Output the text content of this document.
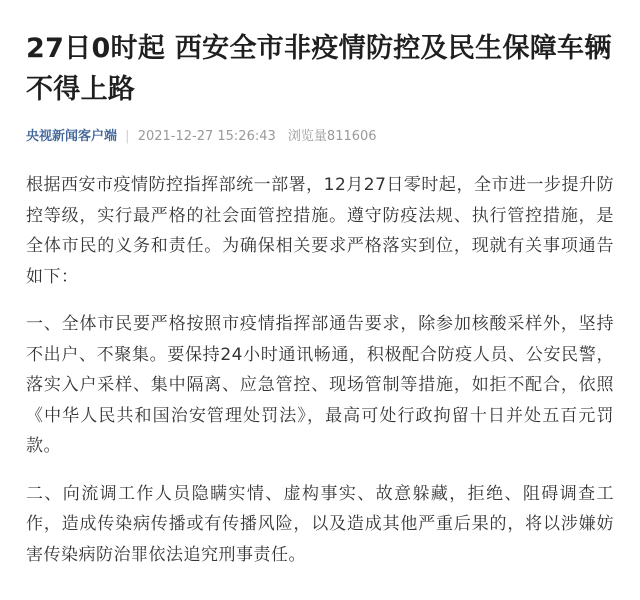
27日0时起 西安全市非疫情防控及民生保障车辆不得上路
央视新闻客户端 | 2021-12-27 15:26:43 浏览量811606

根据西安市疫情防控指挥部统一部署，12月27日零时起，全市进一步提升防控等级，实行最严格的社会面管控措施。遵守防疫法规、执行管控措施，是全体市民的义务和责任。为确保相关要求严格落实到位，现就有关事项通告如下：

一、全体市民要严格按照市疫情指挥部通告要求，除参加核酸采样外，坚持不出户、不聚集。要保持24小时通讯畅通，积极配合防疫人员、公安民警，落实入户采样、集中隔离、应急管控、现场管制等措施，如拒不配合，依照《中华人民共和国治安管理处罚法》，最高可处行政拘留十日并处五百元罚款。

二、向流调工作人员隐瞒实情、虚构事实、故意躲藏，拒绝、阻碍调查工作，造成传染病传播或有传播风险，以及造成其他严重后果的，将以涉嫌妨害传染病防治罪依法追究刑事责任。
